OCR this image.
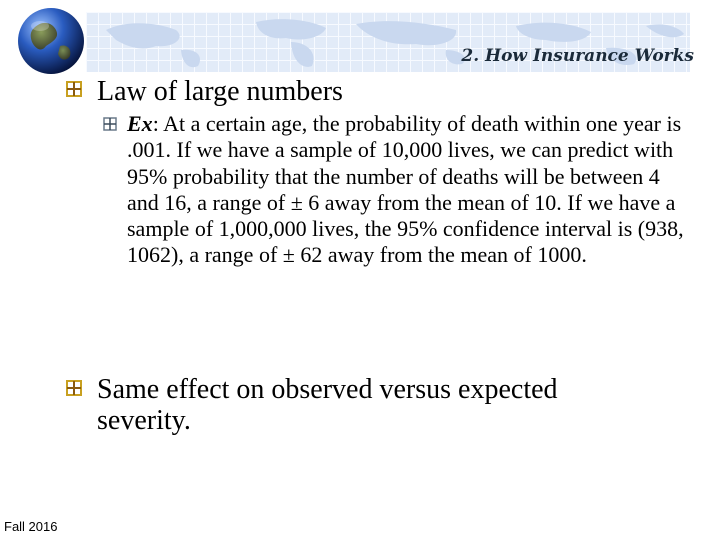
2. How Insurance Works
Law of large numbers
Ex: At a certain age, the probability of death within one year is .001. If we have a sample of 10,000 lives, we can predict with 95% probability that the number of deaths will be between 4 and 16, a range of ± 6 away from the mean of 10. If we have a sample of 1,000,000 lives, the 95% confidence interval is (938, 1062), a range of ± 62 away from the mean of 1000.
Same effect on observed versus expected severity.
Fall 2016
